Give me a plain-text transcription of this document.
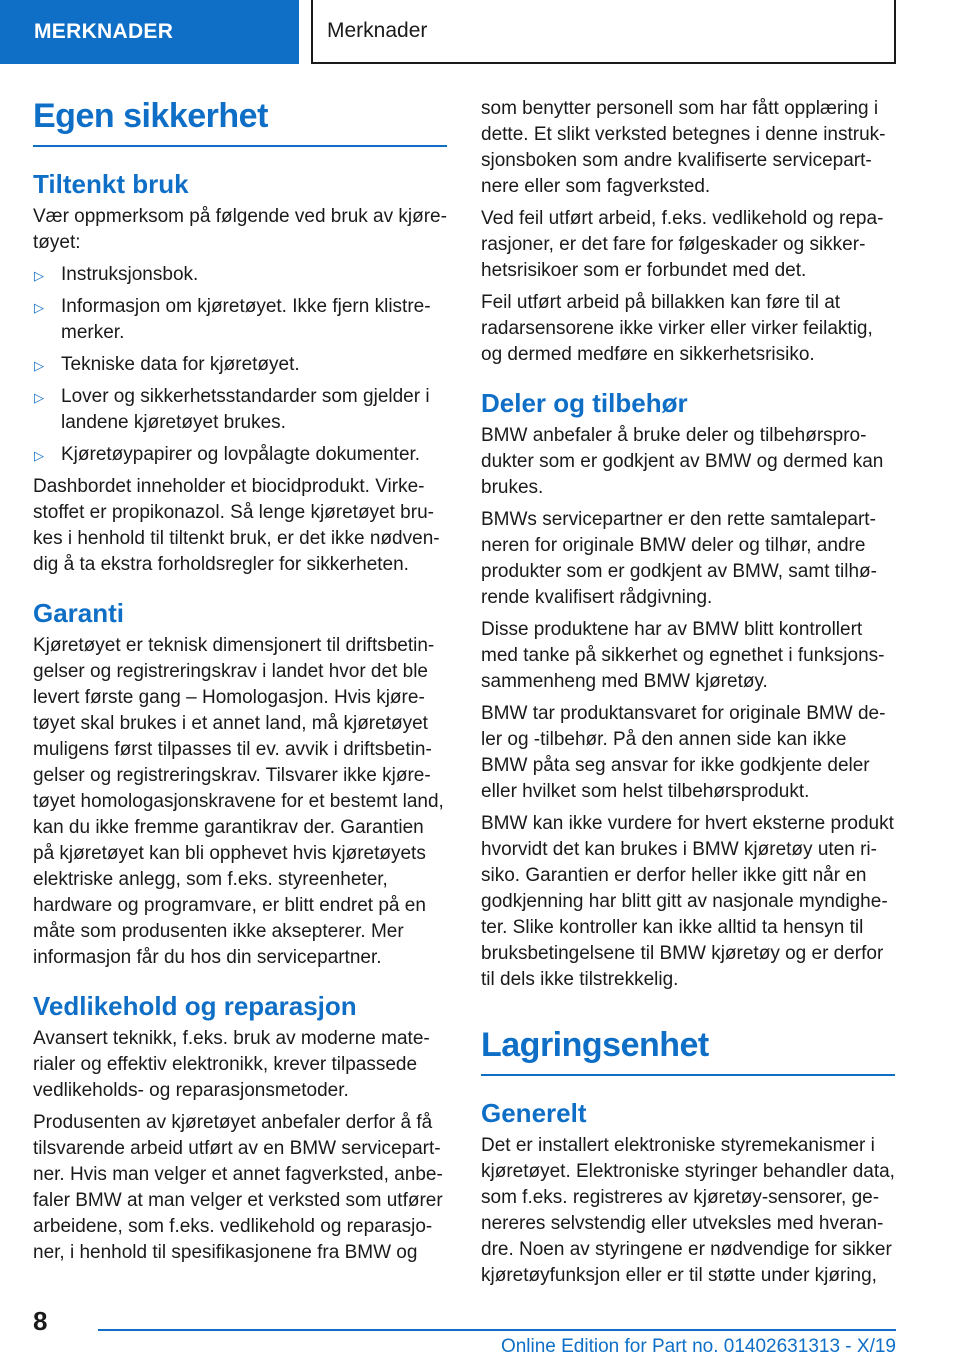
MERKNADER	Merknader
Egen sikkerhet
Tiltenkt bruk

Vær oppmerksom på følgende ved bruk av kjøretøyet:

▷ Instruksjonsbok.
▷ Informasjon om kjøretøyet. Ikke fjern klistremerker.
▷ Tekniske data for kjøretøyet.
▷ Lover og sikkerhetsstandarder som gjelder i landene kjøretøyet brukes.
▷ Kjøretøypapirer og lovpålagte dokumenter.

Dashbordet inneholder et biocidprodukt. Virkestoffet er propikonazol. Så lenge kjøretøyet brukes i henhold til tiltenkt bruk, er det ikke nødvendig å ta ekstra forholdsregler for sikkerheten.

Garanti

Kjøretøyet er teknisk dimensjonert til driftsbetingelser og registreringskrav i landet hvor det ble levert første gang – Homologasjon. Hvis kjøretøyet skal brukes i et annet land, må kjøretøyet muligens først tilpasses til ev. avvik i driftsbetingelser og registreringskrav. Tilsvarer ikke kjøretøyet homologasjonskravene for et bestemt land, kan du ikke fremme garantikrav der. Garantien på kjøretøyet kan bli opphevet hvis kjøretøyets elektriske anlegg, som f.eks. styreenheter, hardware og programvare, er blitt endret på en måte som produsenten ikke aksepterer. Mer informasjon får du hos din servicepartner.

Vedlikehold og reparasjon

Avansert teknikk, f.eks. bruk av moderne materialer og effektiv elektronikk, krever tilpassede vedlikeholds- og reparasjonsmetoder.

Produsenten av kjøretøyet anbefaler derfor å få tilsvarende arbeid utført av en BMW servicepartner. Hvis man velger et annet fagverksted, anbefaler BMW at man velger et verksted som utfører arbeidene, som f.eks. vedlikehold og reparasjoner, i henhold til spesifikasjonene fra BMW og

som benytter personell som har fått opplæring i dette. Et slikt verksted betegnes i denne instruksjonsboken som andre kvalifiserte servicepartnere eller som fagverksted.

Ved feil utført arbeid, f.eks. vedlikehold og reparasjoner, er det fare for følgeskader og sikkerhetsrisikoer som er forbundet med det.

Feil utført arbeid på billakken kan føre til at radarsensorene ikke virker eller virker feilaktig, og dermed medføre en sikkerhetsrisiko.

Deler og tilbehør

BMW anbefaler å bruke deler og tilbehørsprodukter som er godkjent av BMW og dermed kan brukes.

BMWs servicepartner er den rette samtalepartneren for originale BMW deler og tilhør, andre produkter som er godkjent av BMW, samt tilhørende kvalifisert rådgivning.

Disse produktene har av BMW blitt kontrollert med tanke på sikkerhet og egnethet i funksjonssammenheng med BMW kjøretøy.

BMW tar produktansvaret for originale BMW deler og -tilbehør. På den annen side kan ikke BMW påta seg ansvar for ikke godkjente deler eller hvilket som helst tilbehørsprodukt.

BMW kan ikke vurdere for hvert eksterne produkt hvorvidt det kan brukes i BMW kjøretøy uten risiko. Garantien er derfor heller ikke gitt når en godkjenning har blitt gitt av nasjonale myndigheter. Slike kontroller kan ikke alltid ta hensyn til bruksbetingelsene til BMW kjøretøy og er derfor til dels ikke tilstrekkelig.

Lagringsenhet
Generelt

Det er installert elektroniske styremekanismer i kjøretøyet. Elektroniske styringer behandler data, som f.eks. registreres av kjøretøy-sensorer, genereres selvstendig eller utveksles med hverandre. Noen av styringene er nødvendige for sikker kjøretøyfunksjon eller er til støtte under kjøring,

8
Online Edition for Part no. 01402631313 - X/19
